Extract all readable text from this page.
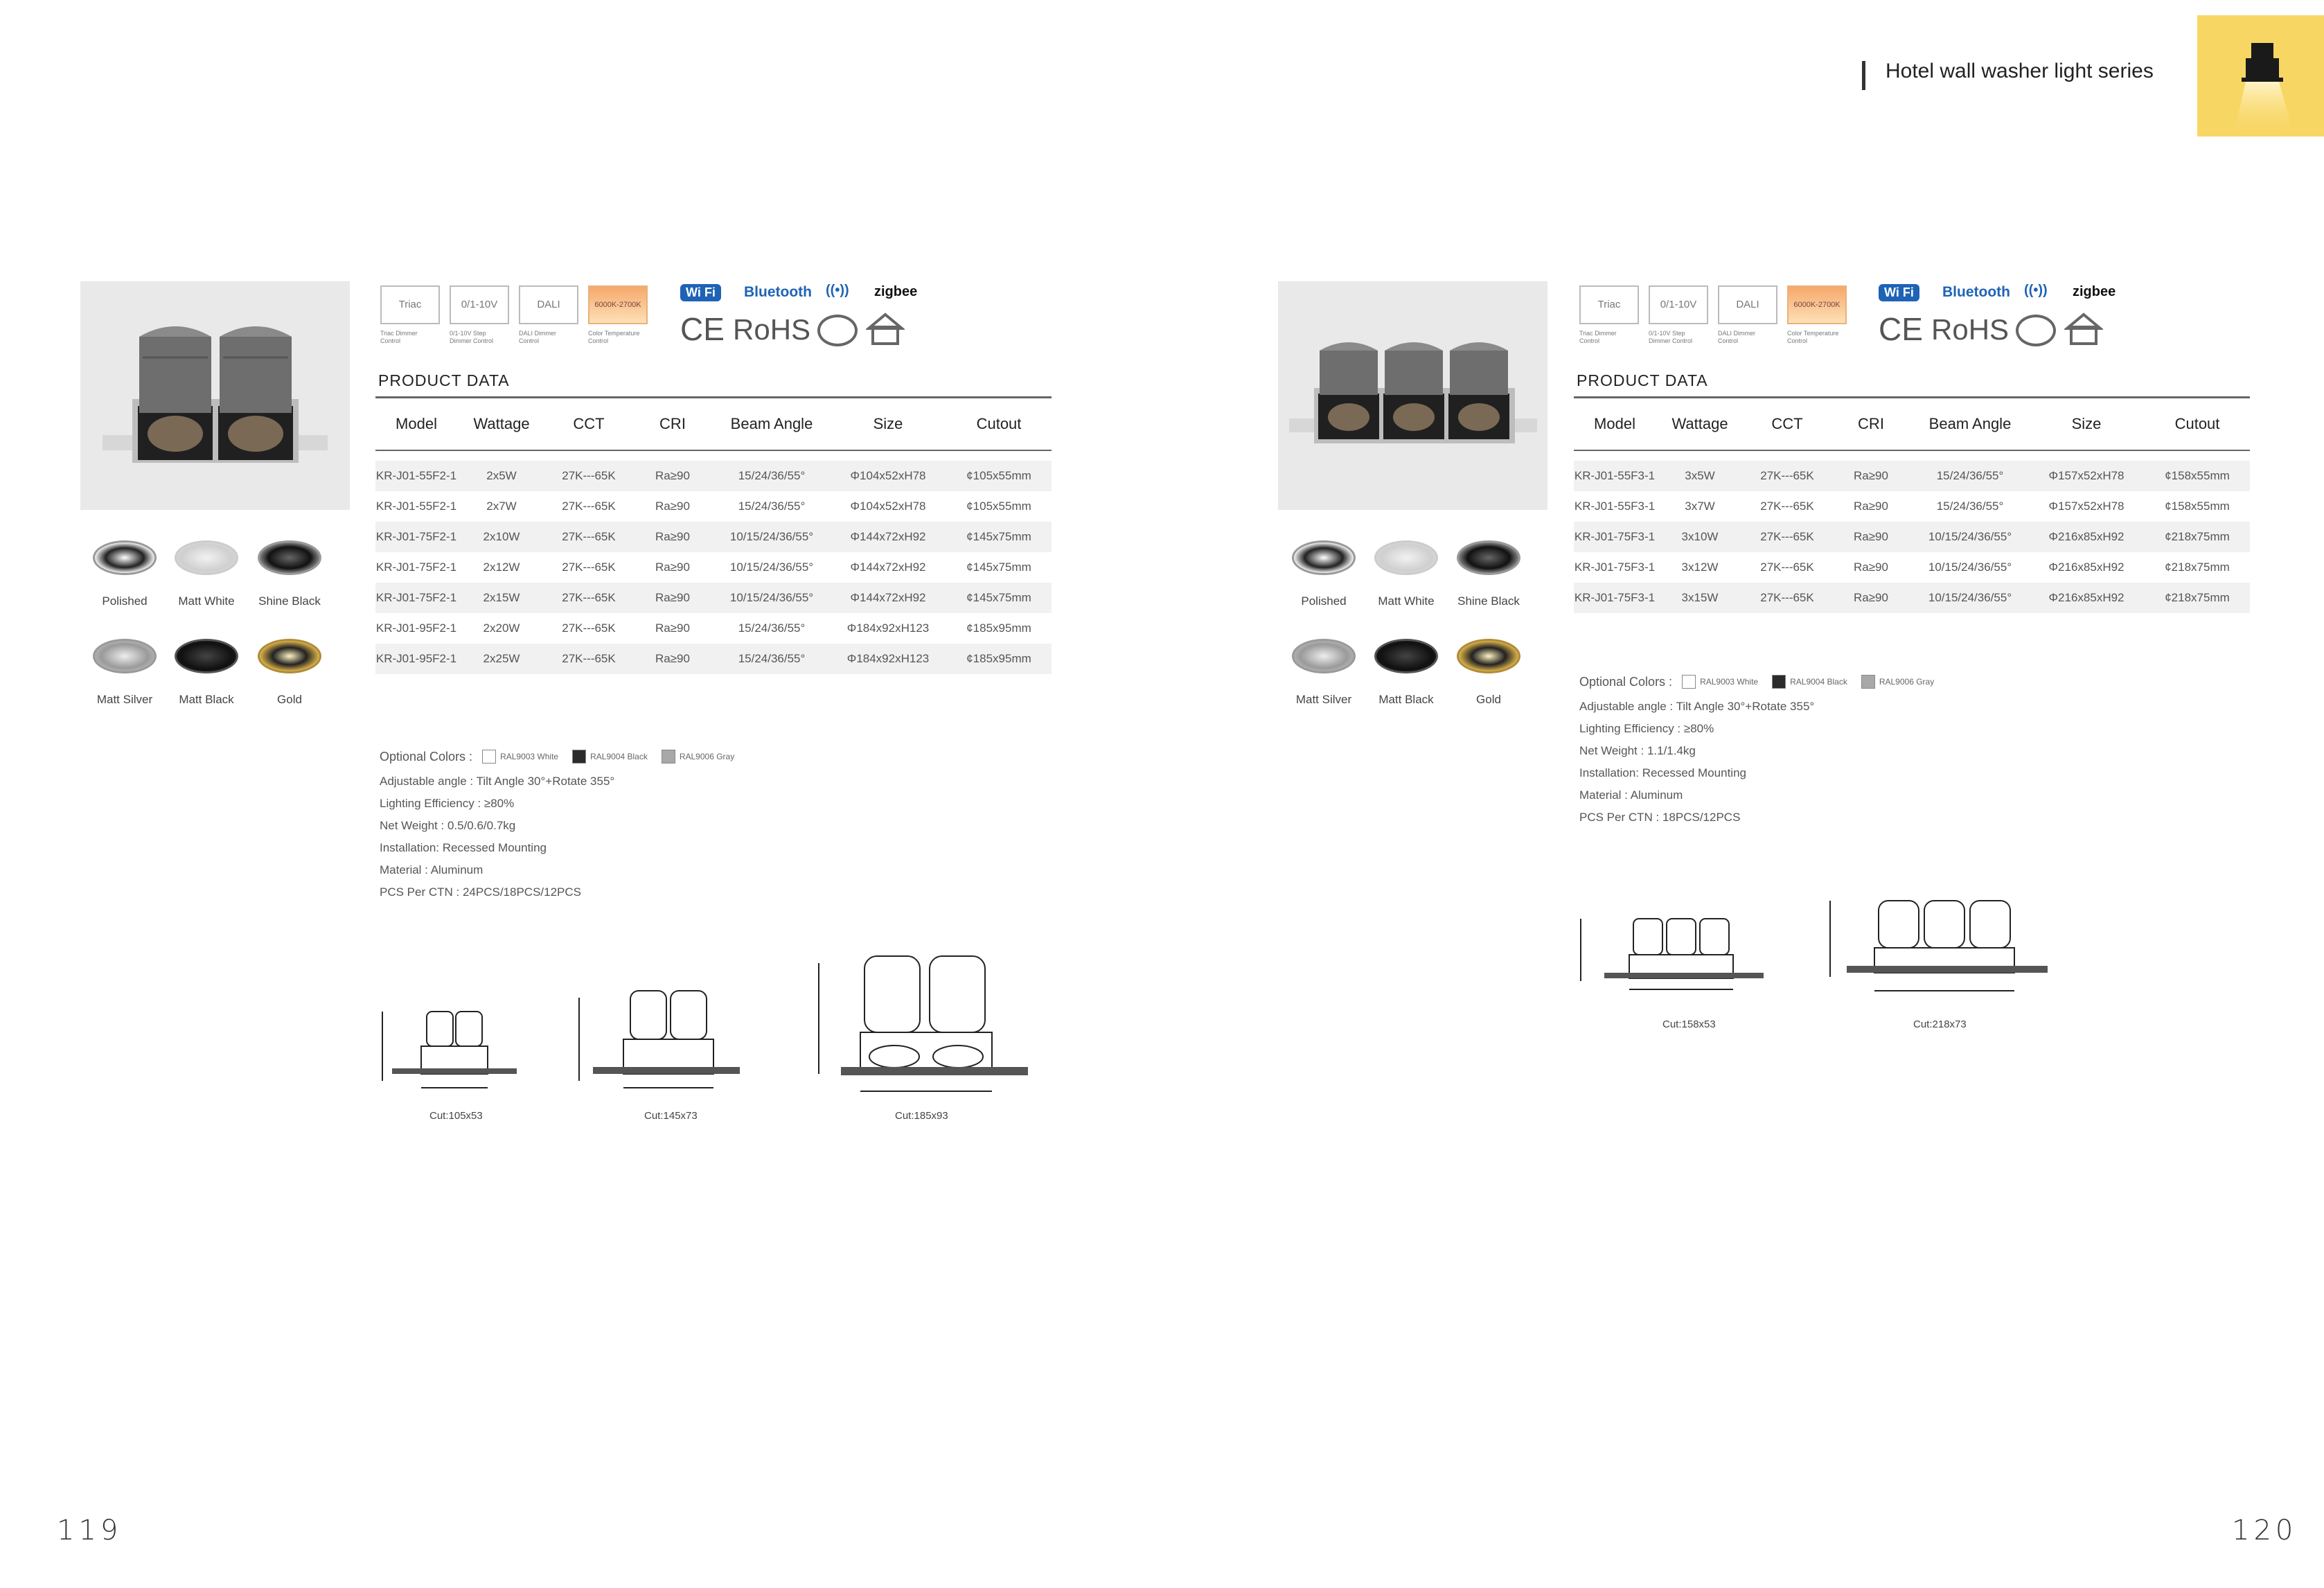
Hotel wall washer light series
Polished	Matt White	Shine Black
Matt Silver	Matt Black	Gold
Triac	0/1-10V	DALI	6000K-2700K
Triac Dimmer Control
0/1-10V Step Dimmer Control
DALI Dimmer Control
Color Temperature Control
Wi Fi	Bluetooth ((•)) zigbee
CE RoHS
PRODUCT DATA
Model	Wattage	CCT	CRI	Beam Angle	Size	Cutout
KR-J01-55F2-1	2x5W	27K---65K	Ra≥90	15/24/36/55°	Φ104x52xH78	¢105x55mm
KR-J01-55F2-1	2x7W	27K---65K	Ra≥90	15/24/36/55°	Φ104x52xH78	¢105x55mm
KR-J01-75F2-1	2x10W	27K---65K	Ra≥90	10/15/24/36/55°	Φ144x72xH92	¢145x75mm
KR-J01-75F2-1	2x12W	27K---65K	Ra≥90	10/15/24/36/55°	Φ144x72xH92	¢145x75mm
KR-J01-75F2-1	2x15W	27K---65K	Ra≥90	10/15/24/36/55°	Φ144x72xH92	¢145x75mm
KR-J01-95F2-1	2x20W	27K---65K	Ra≥90	15/24/36/55°	Φ184x92xH123	¢185x95mm
KR-J01-95F2-1	2x25W	27K---65K	Ra≥90	15/24/36/55°	Φ184x92xH123	¢185x95mm
Optional Colors :	RAL9003 White	RAL9004 Black	RAL9006 Gray
Adjustable angle : Tilt Angle 30°+Rotate 355°
Lighting Efficiency : ≥80%
Net Weight : 0.5/0.6/0.7kg
Installation: Recessed Mounting
Material : Aluminum
PCS Per CTN : 24PCS/18PCS/12PCS
Cut:105x53	Cut:145x73	Cut:185x93
119
Polished	Matt White	Shine Black
Matt Silver	Matt Black	Gold
Triac	0/1-10V	DALI	6000K-2700K
Triac Dimmer Control
0/1-10V Step Dimmer Control
DALI Dimmer Control
Color Temperature Control
Wi Fi	Bluetooth ((•)) zigbee
CE RoHS
PRODUCT DATA
Model	Wattage	CCT	CRI	Beam Angle	Size	Cutout
KR-J01-55F3-1	3x5W	27K---65K	Ra≥90	15/24/36/55°	Φ157x52xH78	¢158x55mm
KR-J01-55F3-1	3x7W	27K---65K	Ra≥90	15/24/36/55°	Φ157x52xH78	¢158x55mm
KR-J01-75F3-1	3x10W	27K---65K	Ra≥90	10/15/24/36/55°	Φ216x85xH92	¢218x75mm
KR-J01-75F3-1	3x12W	27K---65K	Ra≥90	10/15/24/36/55°	Φ216x85xH92	¢218x75mm
KR-J01-75F3-1	3x15W	27K---65K	Ra≥90	10/15/24/36/55°	Φ216x85xH92	¢218x75mm
Optional Colors :	RAL9003 White	RAL9004 Black	RAL9006 Gray
Adjustable angle : Tilt Angle 30°+Rotate 355°
Lighting Efficiency : ≥80%
Net Weight : 1.1/1.4kg
Installation: Recessed Mounting
Material : Aluminum
PCS Per CTN : 18PCS/12PCS
Cut:158x53	Cut:218x73
120
